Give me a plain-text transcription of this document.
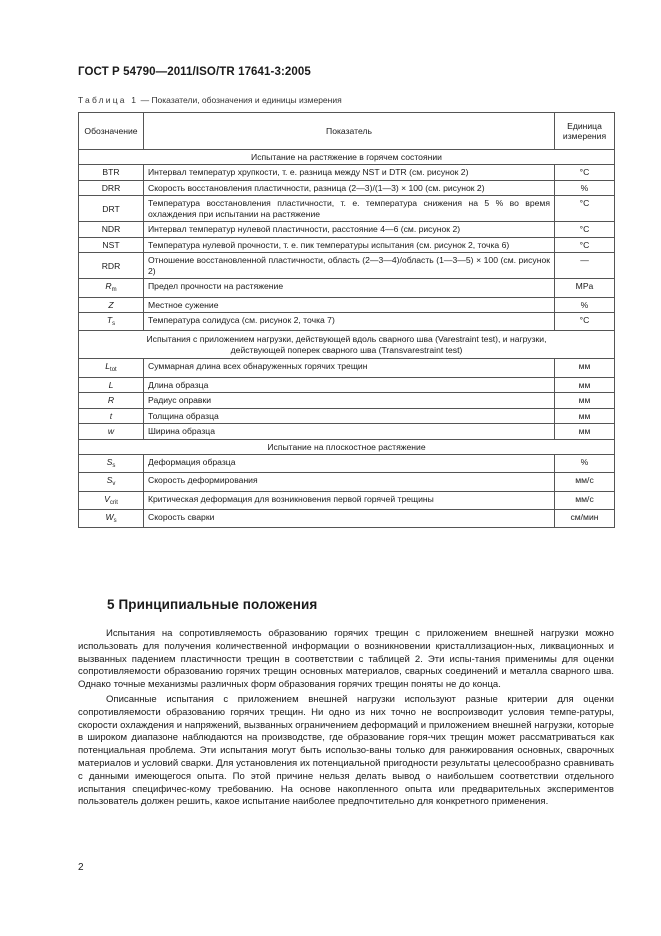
ГОСТ Р 54790—2011/ISO/TR 17641-3:2005
Таблица 1 — Показатели, обозначения и единицы измерения
Обозначение	Показатель	Единица измерения
Испытание на растяжение в горячем состоянии		
BTR	Интервал температур хрупкости, т. е. разница между NST и DTR (см. рисунок 2)	°C
DRR	Скорость восстановления пластичности, разница (2—3)/(1—3) × 100 (см. рисунок 2)	%
DRT	Температура восстановления пластичности, т. е. температура снижения на 5 % во время охлаждения при испытании на растяжение	°C
NDR	Интервал температур нулевой пластичности, расстояние 4—6 (см. рисунок 2)	°C
NST	Температура нулевой прочности, т. е. пик температуры испытания (см. рисунок 2, точка 6)	°C
RDR	Отношение восстановленной пластичности, область (2—3—4)/область (1—3—5) × 100 (см. рисунок 2)	—
$R_m$	Предел прочности на растяжение	MPa
Z	Местное сужение	%
$T_s$	Температура солидуса (см. рисунок 2, точка 7)	°C
Испытания с приложением нагрузки, действующей вдоль сварного шва (Varestraint test), и нагрузки, действующей поперек сварного шва (Transvarestraint test)		
$L_{tot}$	Суммарная длина всех обнаруженных горячих трещин	мм
L	Длина образца	мм
R	Радиус оправки	мм
t	Толщина образца	мм
w	Ширина образца	мм
Испытание на плоскостное растяжение		
$S_s$	Деформация образца	%
$S_v$	Скорость деформирования	мм/с
$V_{crit}$	Критическая деформация для возникновения первой горячей трещины	мм/с
$W_s$	Скорость сварки	см/мин
5 Принципиальные положения

Испытания на сопротивляемость образованию горячих трещин с приложением внешней нагрузки можно использовать для получения количественной информации о возникновении кристаллизацион-ных, ликвационных и вызванных падением пластичности трещин в соответствии с таблицей 2. Эти испы-тания применимы для оценки сопротивляемости образованию горячих трещин основных материалов, сварных соединений и металла сварного шва. Однако точные механизмы различных форм образования горячих трещин поняты не до конца.

Описанные испытания с приложением внешней нагрузки используют разные критерии для оценки сопротивляемости образованию горячих трещин. Ни одно из них точно не воспроизводит условия темпе-ратуры, скорости охлаждения и напряжений, вызванных ограничением деформаций и приложением внешней нагрузки, которые в широком диапазоне наблюдаются на производстве, где образование горя-чих трещин может рассматриваться как потенциальная проблема. Эти испытания могут быть использо-ваны только для ранжирования основных, сварочных материалов и условий сварки. Для установления их потенциальной пригодности результаты целесообразно сравнивать с данными имеющегося опыта. По этой причине нельзя делать вывод о наибольшем соответствии отдельного испытания специфичес-кому требованию. На основе накопленного опыта или предварительных экспериментов пользователь должен решить, какое испытание наиболее предпочтительно для конкретного применения.

2
